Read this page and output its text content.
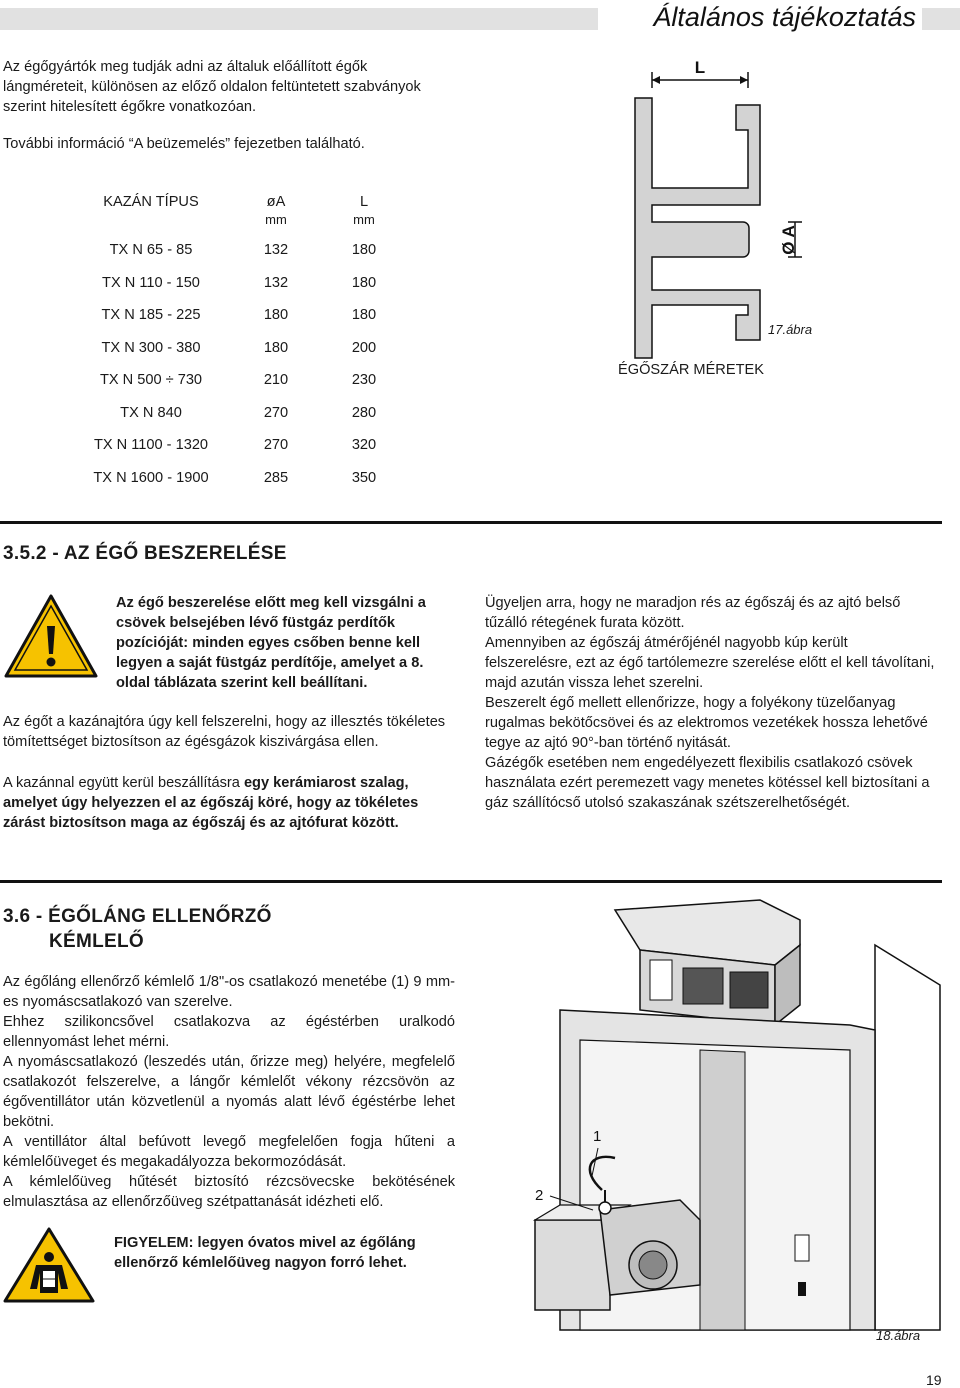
Általános tájékoztatás

Az égőgyártók meg tudják adni az általuk előállított égők lángméreteit, különösen az előző oldalon feltüntetett szabványok szerint hitelesített égőkre vonatkozóan.

További információ “A beüzemelés” fejezetben található.

KAZÁN TÍPUS	øA	L
	mm	mm
TX N 65 - 85	132	180
TX N 110 - 150	132	180
TX N 185 - 225	180	180
TX N 300 - 380	180	200
TX N 500 ÷ 730	210	230
TX N 840	270	280
TX N 1100 - 1320	270	320
TX N 1600 - 1900	285	350
L
Ø A
17.ábra
ÉGŐSZÁR MÉRETEK
3.5.2 - AZ ÉGŐ BESZERELÉSE

Az égő beszerelése előtt meg kell vizsgálni a csövek belsejében lévő füstgáz perdítők pozícióját: minden egyes csőben benne kell legyen a saját füstgáz perdítője, amelyet a 8. oldal táblázata szerint kell beállítani.

Az égőt a kazánajtóra úgy kell felszerelni, hogy az illesztés tökéletes tömítettséget biztosítson az égésgázok kiszivárgása ellen.

A kazánnal együtt kerül beszállításra egy kerámiarost szalag, amelyet úgy helyezzen el az égőszáj köré, hogy az tökéletes zárást biztosítson maga az égőszáj és az ajtófurat között.

Ügyeljen arra, hogy ne maradjon rés az égőszáj és az ajtó belső tűzálló rétegének furata között.

Amennyiben az égőszáj átmérőjénél nagyobb kúp került felszerelésre, ezt az égő tartólemezre szerelése előtt el kell távolítani, majd azután vissza lehet szerelni.

Beszerelt égő mellett ellenőrizze, hogy a folyékony tüzelőanyag rugalmas bekötőcsövei és az elektromos vezetékek hossza lehetővé tegye az ajtó 90°-ban történő nyitását.

Gázégők esetében nem engedélyezett flexibilis csatlakozó csövek használata ezért peremezett vagy menetes kötéssel kell biztosítani a gáz szállítócső utolsó szakaszának szétszerelhetőségét.

3.6 - ÉGŐLÁNG ELLENŐRZŐ
KÉMLELŐ

Az égőláng ellenőrző kémlelő 1/8"-os csatlakozó menetébe (1) 9 mm-es nyomáscsatlakozó van szerelve.

Ehhez szilikoncsővel csatlakozva az égéstérben uralkodó ellennyomást lehet mérni.

A nyomáscsatlakozó (leszedés után, őrizze meg) helyére, megfelelő csatlakozót felszerelve, a lángőr kémlelőt vékony rézcsövön az égőventillátor után közvetlenül a nyomás alatt lévő égéstérbe lehet bekötni.

A ventillátor által befúvott levegő megfelelően fogja hűteni a kémlelőüveget és megakadályozza bekormozódását.

A kémlelőüveg hűtését biztosító rézcsövecske bekötésének elmulasztása az ellenőrzőüveg szétpattanását idézheti elő.

FIGYELEM: legyen óvatos mivel az égőláng ellenőrző kémlelőüveg nagyon forró lehet.

1
2
18.ábra
19
